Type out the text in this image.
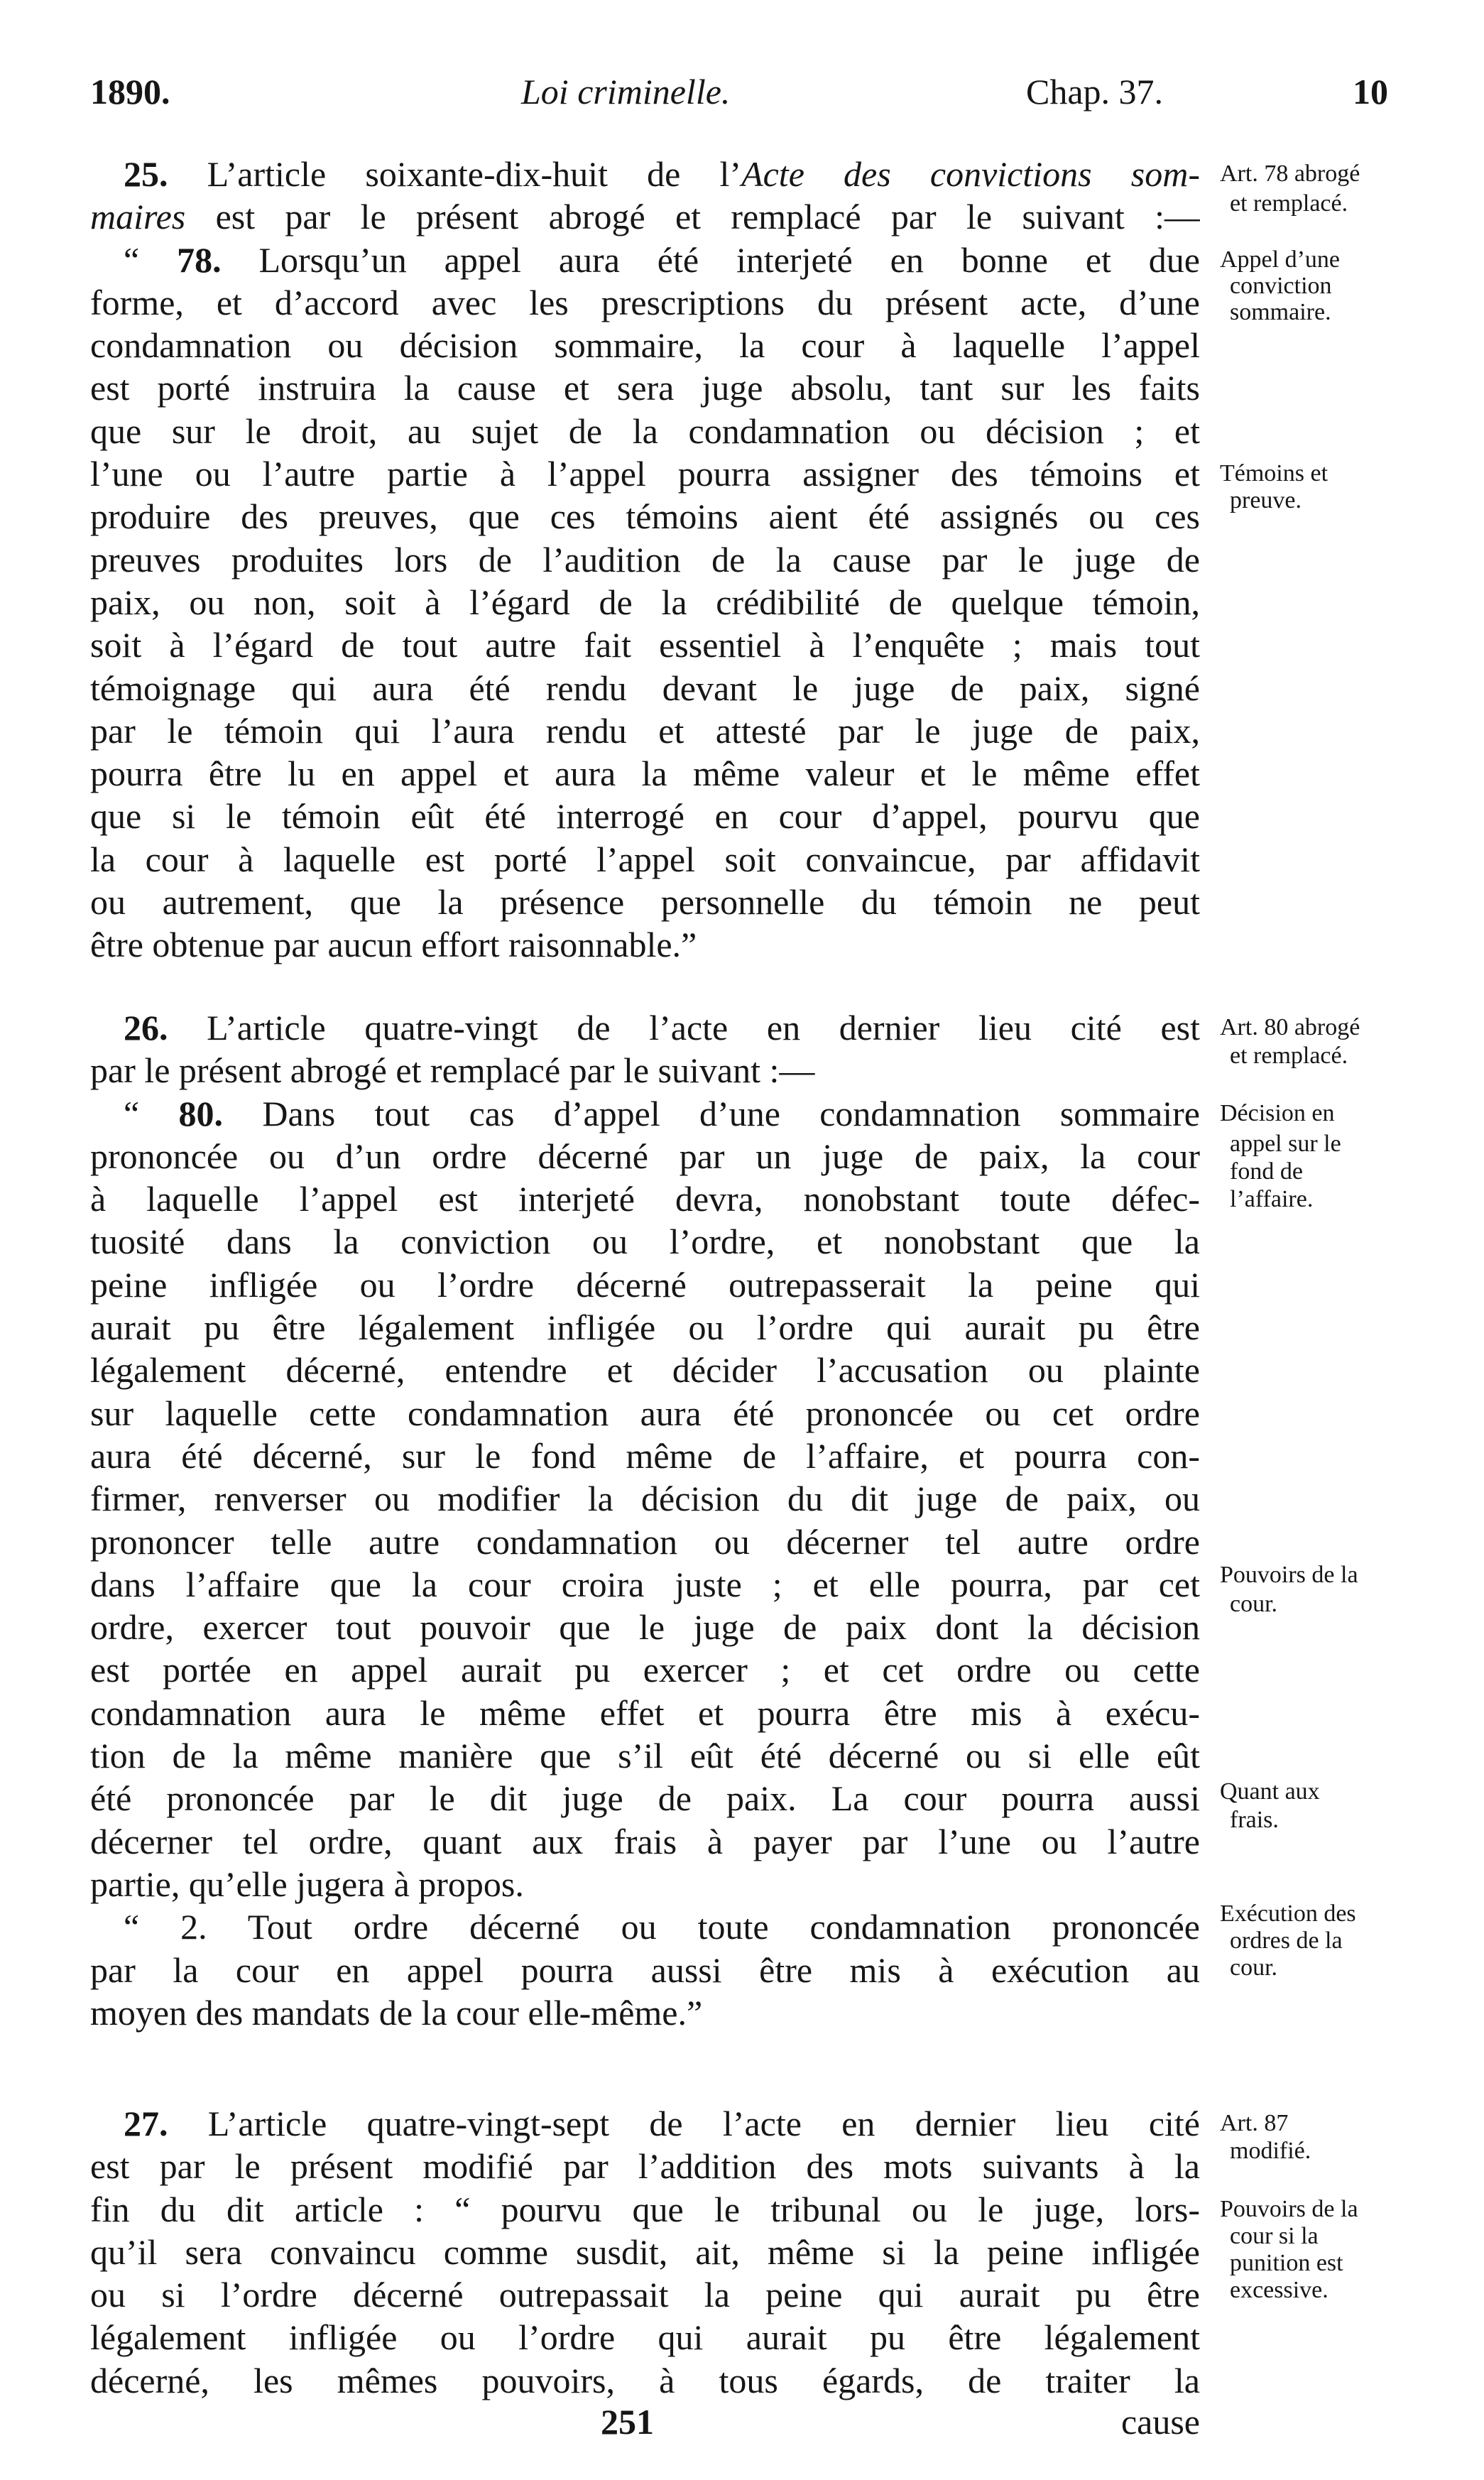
1890.	Loi criminelle.	Chap. 37.	10
25. L’article soixante-dix-huit de l’Acte des convictions som-
maires est par le présent abrogé et remplacé par le suivant :—
“ 78. Lorsqu’un appel aura été interjeté en bonne et due
forme, et d’accord avec les prescriptions du présent acte, d’une
condamnation ou décision sommaire, la cour à laquelle l’appel
est porté instruira la cause et sera juge absolu, tant sur les faits
que sur le droit, au sujet de la condamnation ou décision ; et
l’une ou l’autre partie à l’appel pourra assigner des témoins et
produire des preuves, que ces témoins aient été assignés ou ces
preuves produites lors de l’audition de la cause par le juge de
paix, ou non, soit à l’égard de la crédibilité de quelque témoin,
soit à l’égard de tout autre fait essentiel à l’enquête ; mais tout
témoignage qui aura été rendu devant le juge de paix, signé
par le témoin qui l’aura rendu et attesté par le juge de paix,
pourra être lu en appel et aura la même valeur et le même effet
que si le témoin eût été interrogé en cour d’appel, pourvu que
la cour à laquelle est porté l’appel soit convaincue, par affidavit
ou autrement, que la présence personnelle du témoin ne peut
être obtenue par aucun effort raisonnable.”
Art. 78 abrogé
et remplacé.
Appel d’une
conviction
sommaire.
Témoins et
preuve.
26. L’article quatre-vingt de l’acte en dernier lieu cité est
par le présent abrogé et remplacé par le suivant :—
“ 80. Dans tout cas d’appel d’une condamnation sommaire
prononcée ou d’un ordre décerné par un juge de paix, la cour
à laquelle l’appel est interjeté devra, nonobstant toute défec-
tuosité dans la conviction ou l’ordre, et nonobstant que la
peine infligée ou l’ordre décerné outrepasserait la peine qui
aurait pu être légalement infligée ou l’ordre qui aurait pu être
légalement décerné, entendre et décider l’accusation ou plainte
sur laquelle cette condamnation aura été prononcée ou cet ordre
aura été décerné, sur le fond même de l’affaire, et pourra con-
firmer, renverser ou modifier la décision du dit juge de paix, ou
prononcer telle autre condamnation ou décerner tel autre ordre
dans l’affaire que la cour croira juste ; et elle pourra, par cet
ordre, exercer tout pouvoir que le juge de paix dont la décision
est portée en appel aurait pu exercer ; et cet ordre ou cette
condamnation aura le même effet et pourra être mis à exécu-
tion de la même manière que s’il eût été décerné ou si elle eût
été prononcée par le dit juge de paix. La cour pourra aussi
décerner tel ordre, quant aux frais à payer par l’une ou l’autre
partie, qu’elle jugera à propos.
“ 2. Tout ordre décerné ou toute condamnation prononcée
par la cour en appel pourra aussi être mis à exécution au
moyen des mandats de la cour elle-même.”
Art. 80 abrogé
et remplacé.
Décision en
appel sur le
fond de
l’affaire.
Pouvoirs de la
cour.
Quant aux
frais.
Exécution des
ordres de la
cour.
27. L’article quatre-vingt-sept de l’acte en dernier lieu cité
est par le présent modifié par l’addition des mots suivants à la
fin du dit article : “ pourvu que le tribunal ou le juge, lors-
qu’il sera convaincu comme susdit, ait, même si la peine infligée
ou si l’ordre décerné outrepassait la peine qui aurait pu être
légalement infligée ou l’ordre qui aurait pu être légalement
décerné, les mêmes pouvoirs, à tous égards, de traiter la
Art. 87
modifié.
Pouvoirs de la
cour si la
punition est
excessive.
251	cause
